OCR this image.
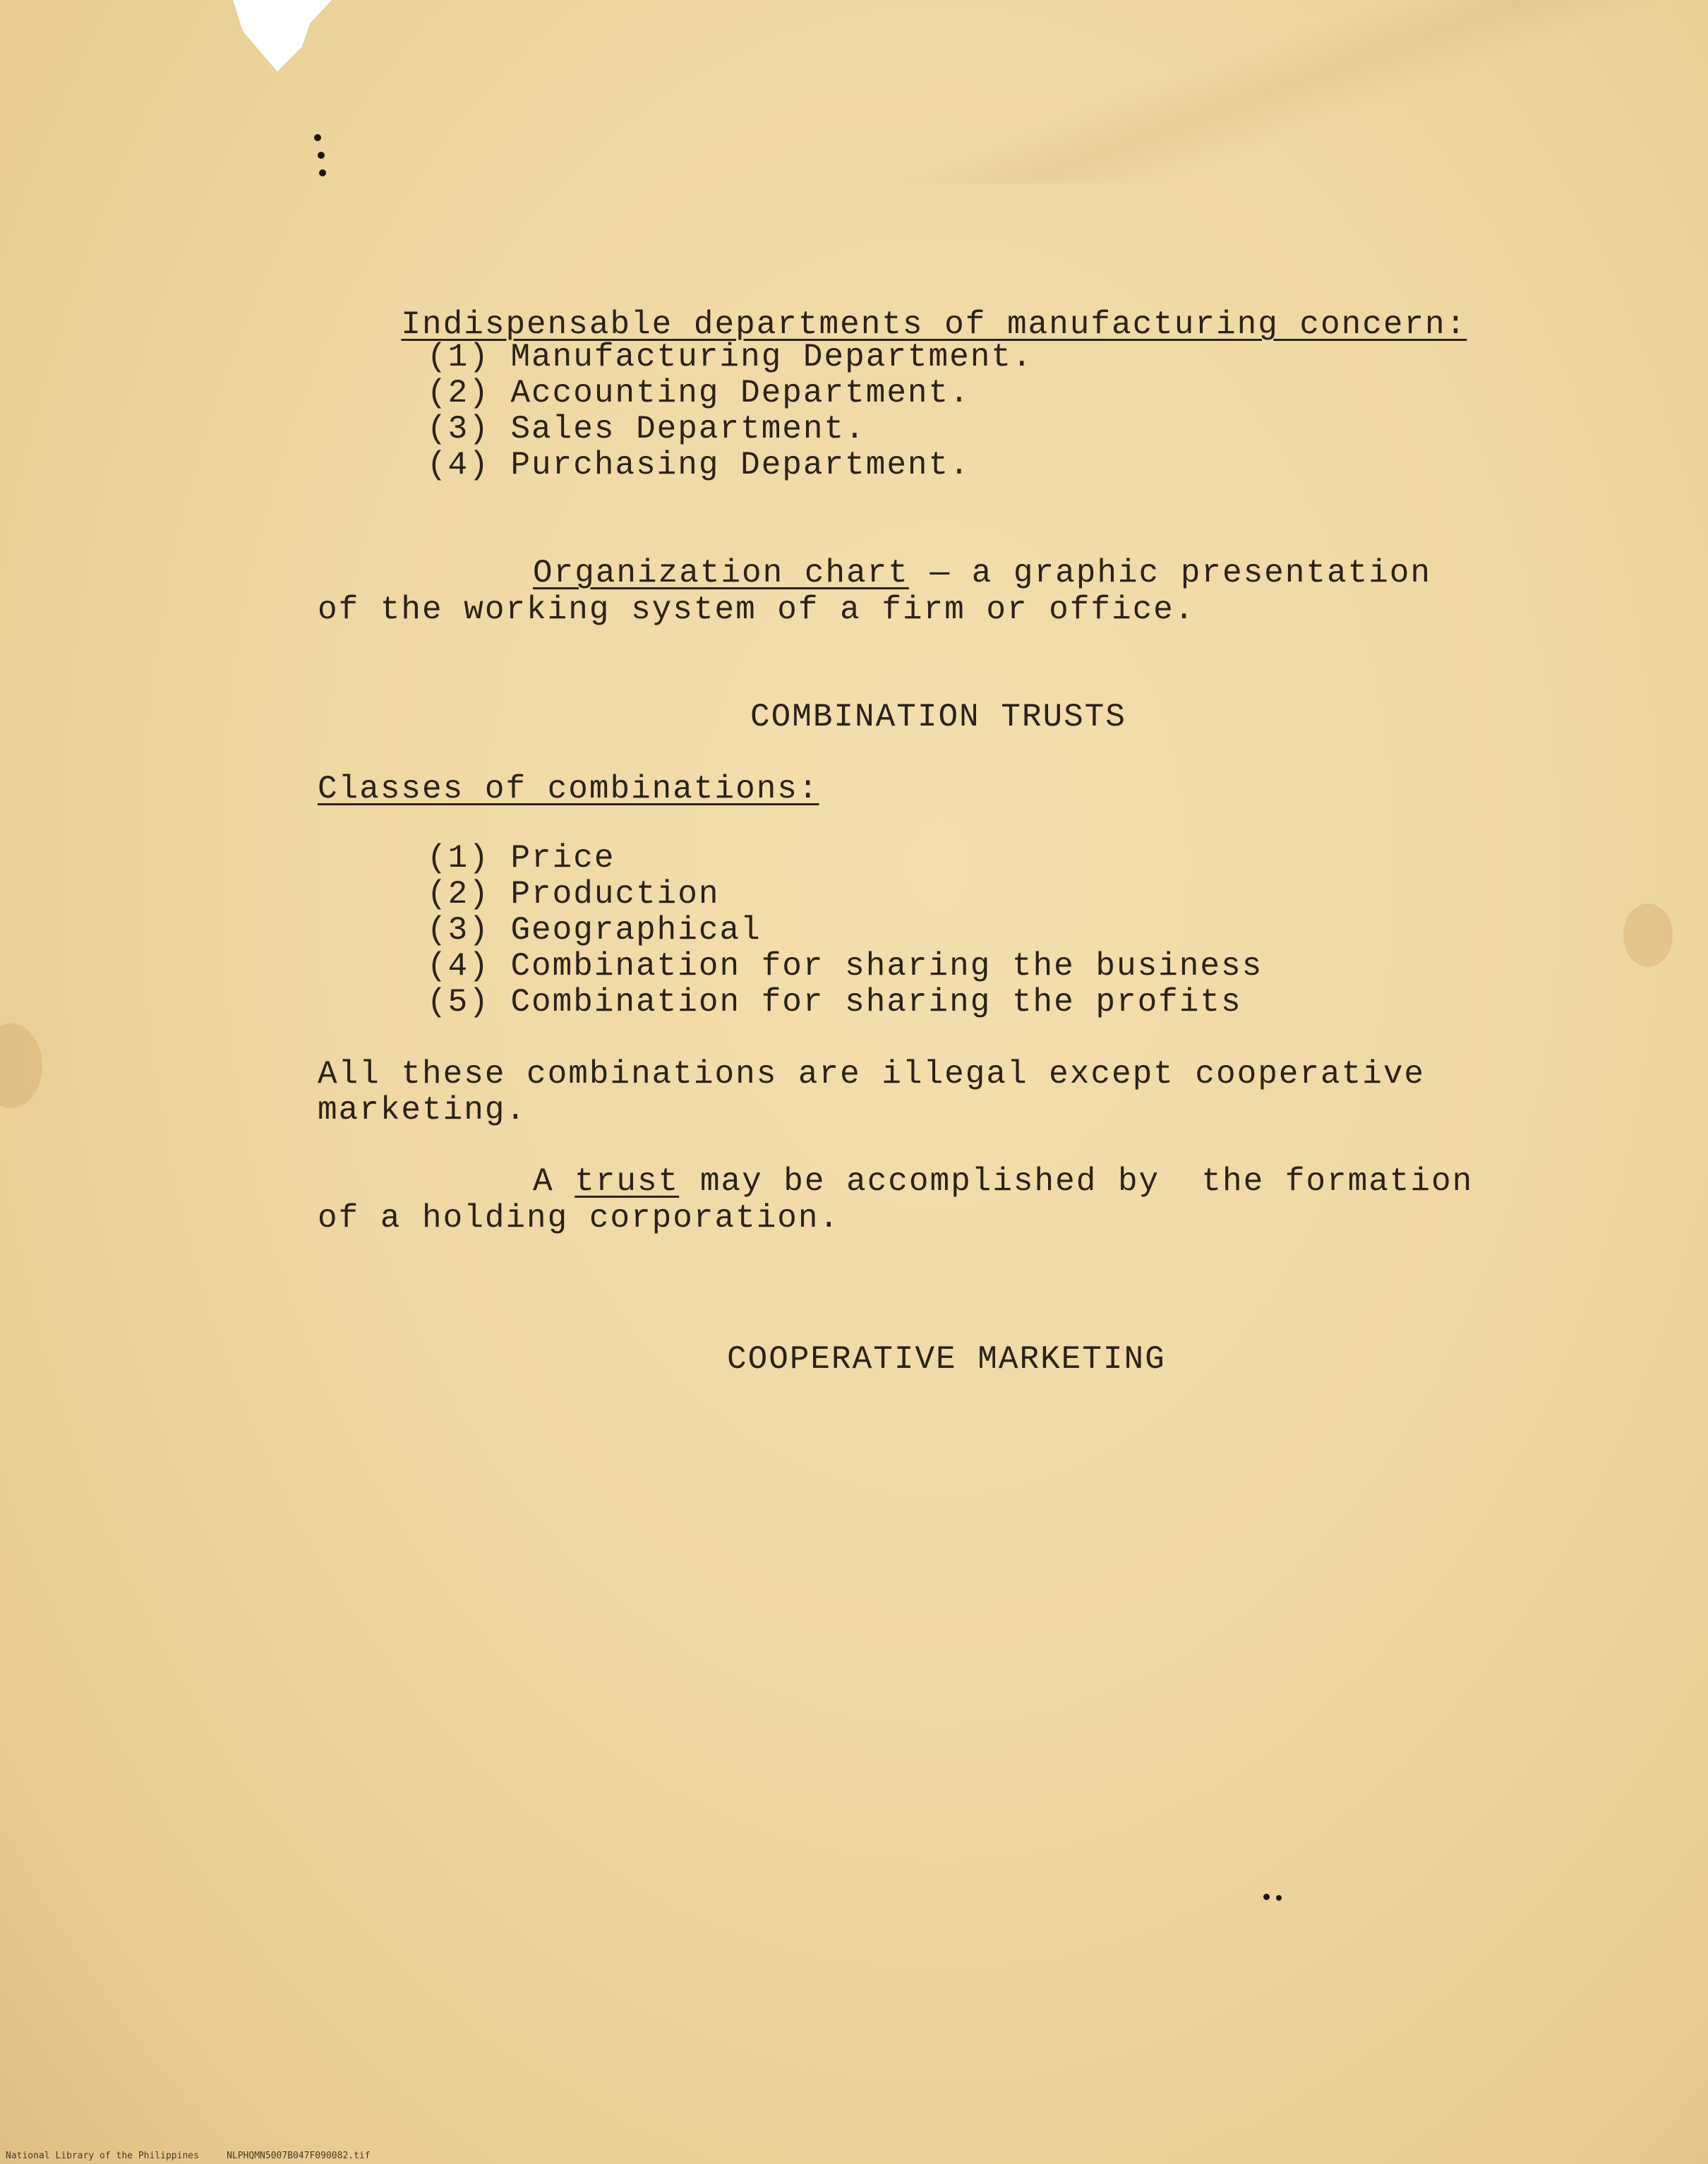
Indispensable departments of manufacturing concern:

(1) Manufacturing Department.
(2) Accounting Department.
(3) Sales Department.
(4) Purchasing Department.
Organization chart — a graphic presentation
of the working system of a firm or office.
COMBINATION TRUSTS
Classes of combinations:
(1) Price
(2) Production
(3) Geographical
(4) Combination for sharing the business
(5) Combination for sharing the profits
All these combinations are illegal except cooperative
marketing.
A trust may be accomplished by  the formation
of a holding corporation.
COOPERATIVE MARKETING
National Library of the Philippines	NLPHQMN5007B047F090082.tif
